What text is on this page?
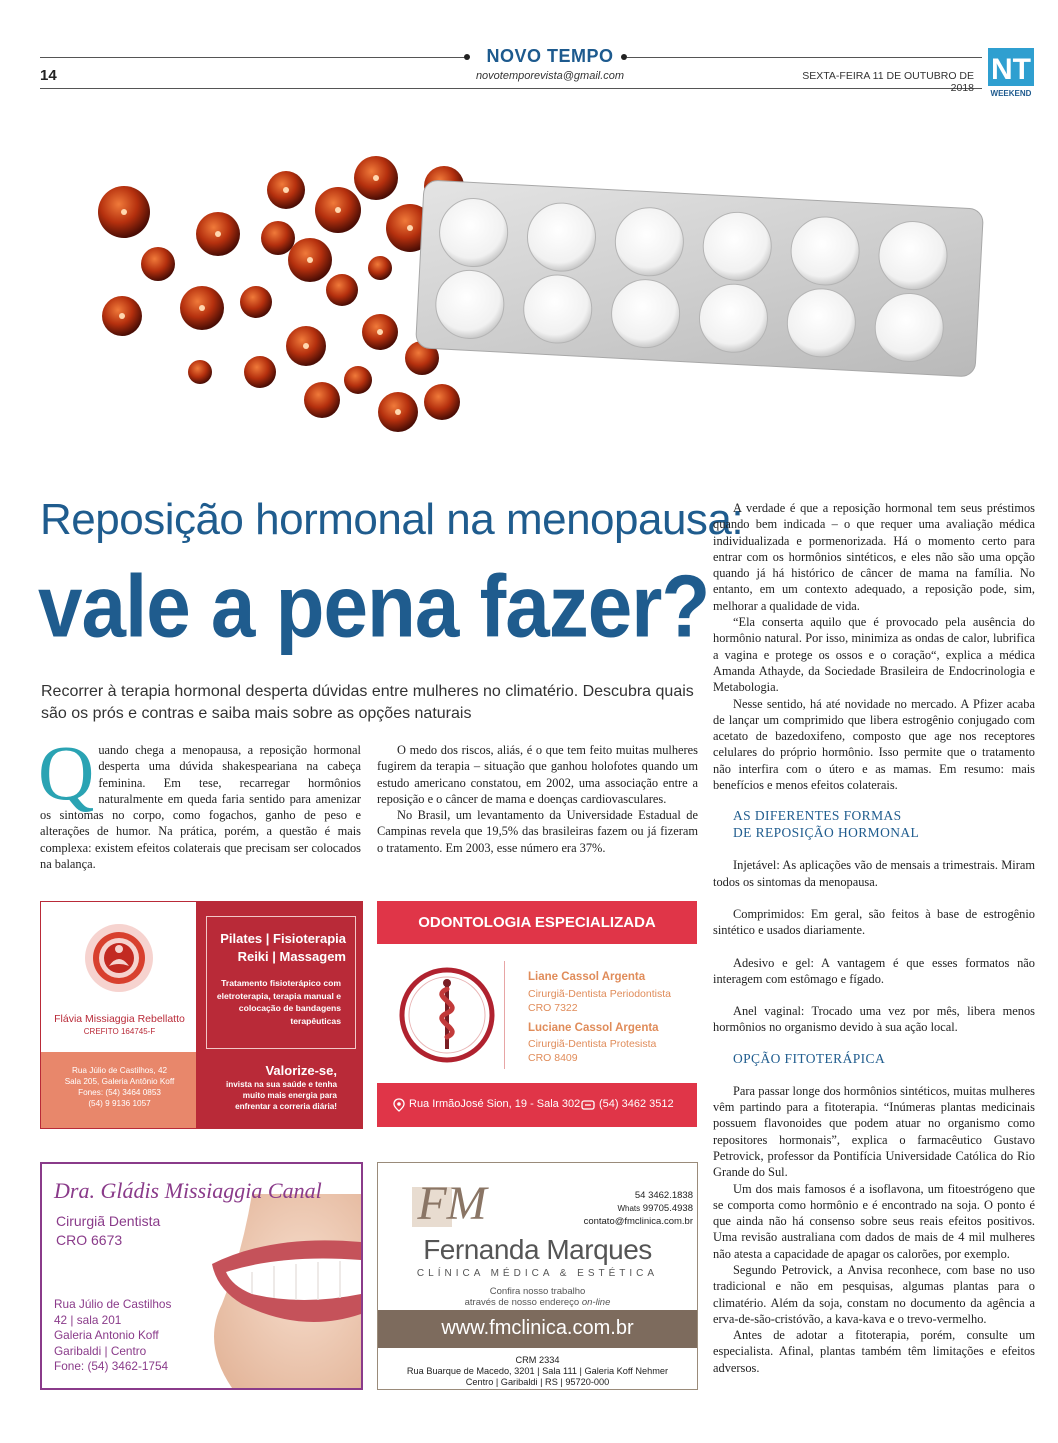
NOVO TEMPO
novotemporevista@gmail.com
14	SEXTA-FEIRA 11 DE OUTUBRO DE 2018
NT
WEEKEND
Reposição hormonal na menopausa:
vale a pena fazer?
Recorrer à terapia hormonal desperta dúvidas entre mulheres no climatério. Descubra quais são os prós e contras e saiba mais sobre as opções naturais

Quando chega a menopausa, a reposição hormonal desperta uma dúvida shakespeariana na cabeça feminina. Em tese, recarregar hormônios naturalmente em queda faria sentido para amenizar os sintomas no corpo, como fogachos, ganho de peso e alterações de humor. Na prática, porém, a questão é mais complexa: existem efeitos colaterais que precisam ser colocados na balança.

O medo dos riscos, aliás, é o que tem feito muitas mulheres fugirem da terapia – situação que ganhou holofotes quando um estudo americano constatou, em 2002, uma associação entre a reposição e o câncer de mama e doenças cardiovasculares.

No Brasil, um levantamento da Universidade Estadual de Campinas revela que 19,5% das brasileiras fazem ou já fizeram o tratamento. Em 2003, esse número era 37%.

A verdade é que a reposição hormonal tem seus préstimos quando bem indicada – o que requer uma avaliação médica individualizada e pormenorizada. Há o momento certo para entrar com os hormônios sintéticos, e eles não são uma opção quando já há histórico de câncer de mama na família. No entanto, em um contexto adequado, a reposição pode, sim, melhorar a qualidade de vida.

“Ela conserta aquilo que é provocado pela ausência do hormônio natural. Por isso, minimiza as ondas de calor, lubrifica a vagina e protege os ossos e o coração“, explica a médica Amanda Athayde, da Sociedade Brasileira de Endocrinologia e Metabologia.

Nesse sentido, há até novidade no mercado. A Pfizer acaba de lançar um comprimido que libera estrogênio conjugado com acetato de bazedoxifeno, composto que age nos receptores celulares do próprio hormônio. Isso permite que o tratamento não interfira com o útero e as mamas. Em resumo: mais benefícios e menos efeitos colaterais.

AS DIFERENTES FORMAS
DE REPOSIÇÃO HORMONAL

Injetável: As aplicações vão de mensais a trimestrais. Miram todos os sintomas da menopausa.

Comprimidos: Em geral, são feitos à base de estrogênio sintético e usados diariamente.

Adesivo e gel: A vantagem é que esses formatos não interagem com estômago e fígado.

Anel vaginal: Trocado uma vez por mês, libera menos hormônios no organismo devido à sua ação local.

OPÇÃO FITOTERÁPICA

Para passar longe dos hormônios sintéticos, muitas mulheres vêm partindo para a fitoterapia. “Inúmeras plantas medicinais possuem flavonoides que podem atuar no organismo como repositores hormonais”, explica o farmacêutico Gustavo Petrovick, professor da Pontifícia Universidade Católica do Rio Grande do Sul.

Um dos mais famosos é a isoflavona, um fitoestrógeno que se comporta como hormônio e é encontrado na soja. O ponto é que ainda não há consenso sobre seus reais efeitos positivos. Uma revisão australiana com dados de mais de 4 mil mulheres não atesta a capacidade de apagar os calorões, por exemplo.

Segundo Petrovick, a Anvisa reconhece, com base no uso tradicional e não em pesquisas, algumas plantas para o climatério. Além da soja, constam no documento da agência a erva-de-são-cristóvão, a kava-kava e o trevo-vermelho.

Antes de adotar a fitoterapia, porém, consulte um especialista. Afinal, plantas também têm limitações e efeitos adversos.

Flávia Missiaggia Rebellatto
CREFITO 164745-F
Rua Júlio de Castilhos, 42
Sala 205, Galeria Antônio Koff
Fones: (54) 3464 0853
(54) 9 9136 1057
Pilates | Fisioterapia
Reiki | Massagem
Tratamento fisioterápico com eletroterapia, terapia manual e colocação de bandagens terapêuticas
Valorize-se,
invista na sua saúde e tenha muito mais energia para enfrentar a correria diária!
ODONTOLOGIA ESPECIALIZADA
Liane Cassol Argenta
Cirurgiã-Dentista Periodontista
CRO 7322
Luciane Cassol Argenta
Cirurgiã-Dentista Protesista
CRO 8409
Rua IrmãoJosé Sion, 19 - Sala 302 (54) 3462 3512
Dra. Gládis Missiaggia Canal
Cirurgiã Dentista
CRO 6673
Rua Júlio de Castilhos
42 | sala 201
Galeria Antonio Koff
Garibaldi | Centro
Fone: (54) 3462-1754
FM	54 3462.1838
Whats 99705.4938
contato@fmclinica.com.br
Fernanda Marques
CLÍNICA MÉDICA & ESTÉTICA
Confira nosso trabalho
através de nosso endereço on-line
www.fmclinica.com.br
CRM 2334
Rua Buarque de Macedo, 3201 | Sala 111 | Galeria Koff Nehmer
Centro | Garibaldi | RS | 95720-000
